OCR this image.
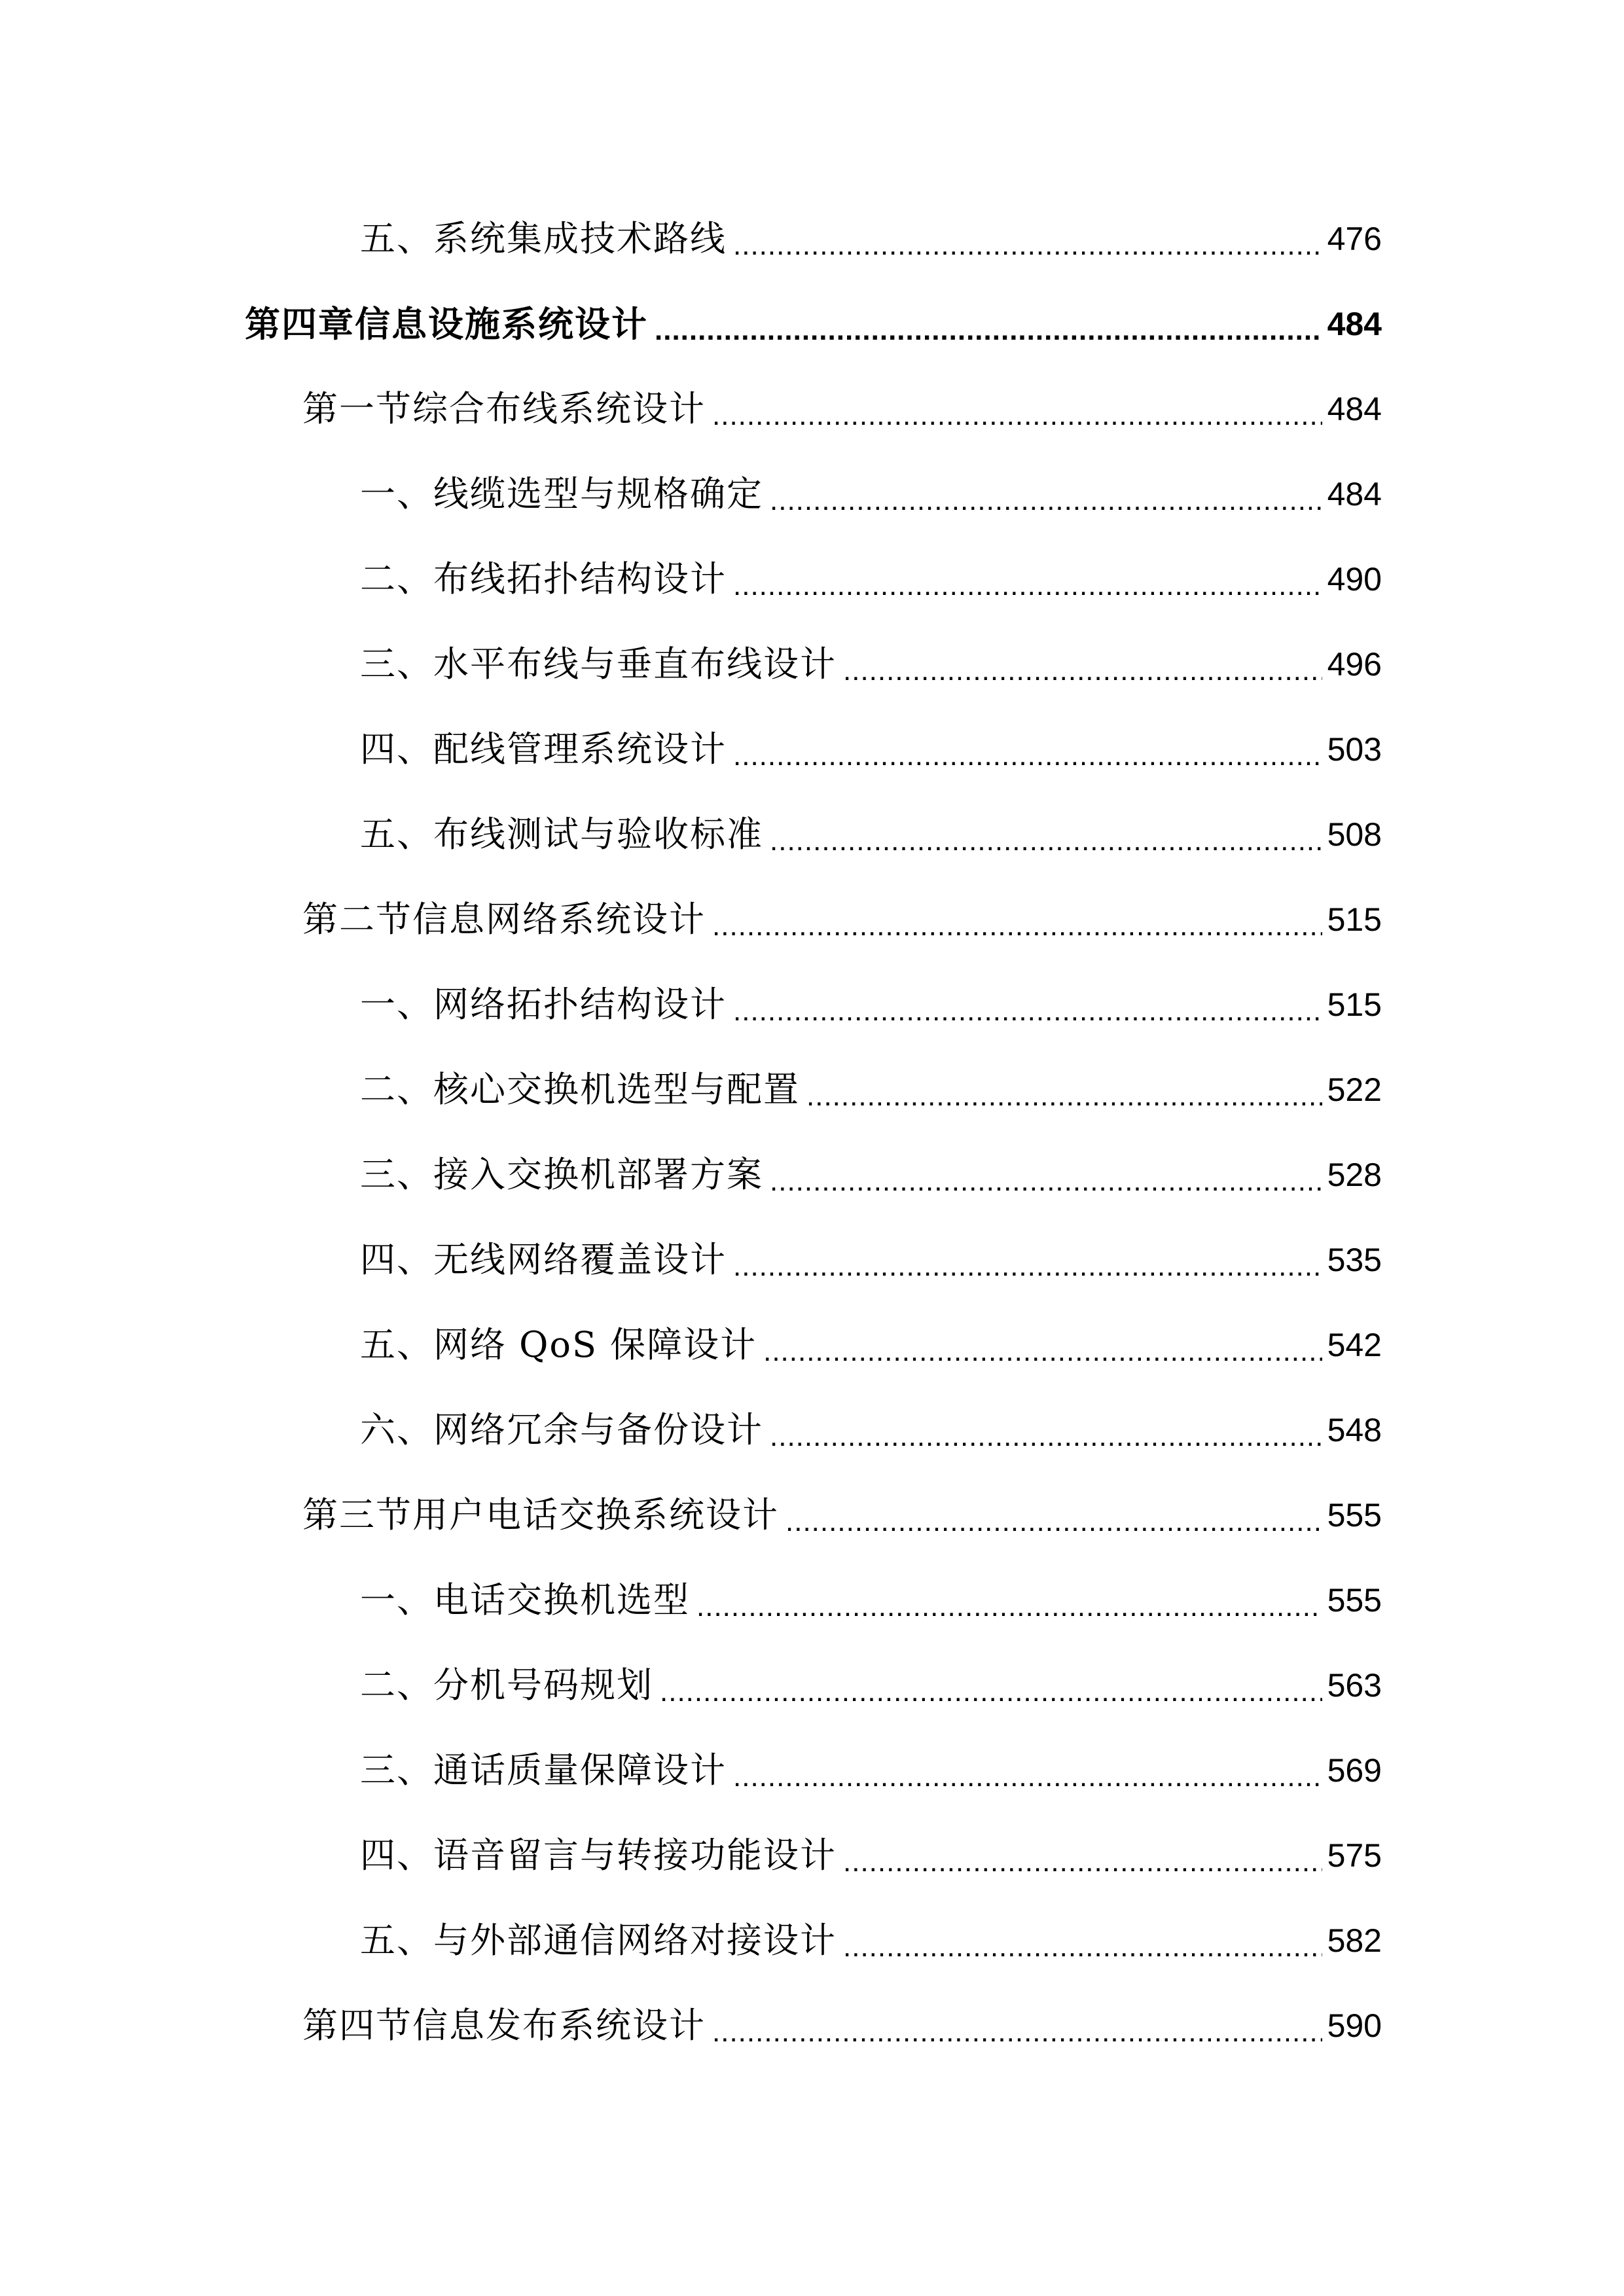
五、系统集成技术路线 .....	476
第四章信息设施系统设计 .....	484
第一节综合布线系统设计 .....	484
一、线缆选型与规格确定 .....	484
二、布线拓扑结构设计 .....	490
三、水平布线与垂直布线设计 .....	496
四、配线管理系统设计 .....	503
五、布线测试与验收标准 .....	508
第二节信息网络系统设计 .....	515
一、网络拓扑结构设计 .....	515
二、核心交换机选型与配置 .....	522
三、接入交换机部署方案 .....	528
四、无线网络覆盖设计 .....	535
五、网络 QoS 保障设计 .....	542
六、网络冗余与备份设计 .....	548
第三节用户电话交换系统设计 .....	555
一、电话交换机选型 .....	555
二、分机号码规划 .....	563
三、通话质量保障设计 .....	569
四、语音留言与转接功能设计 .....	575
五、与外部通信网络对接设计 .....	582
第四节信息发布系统设计 .....	590
